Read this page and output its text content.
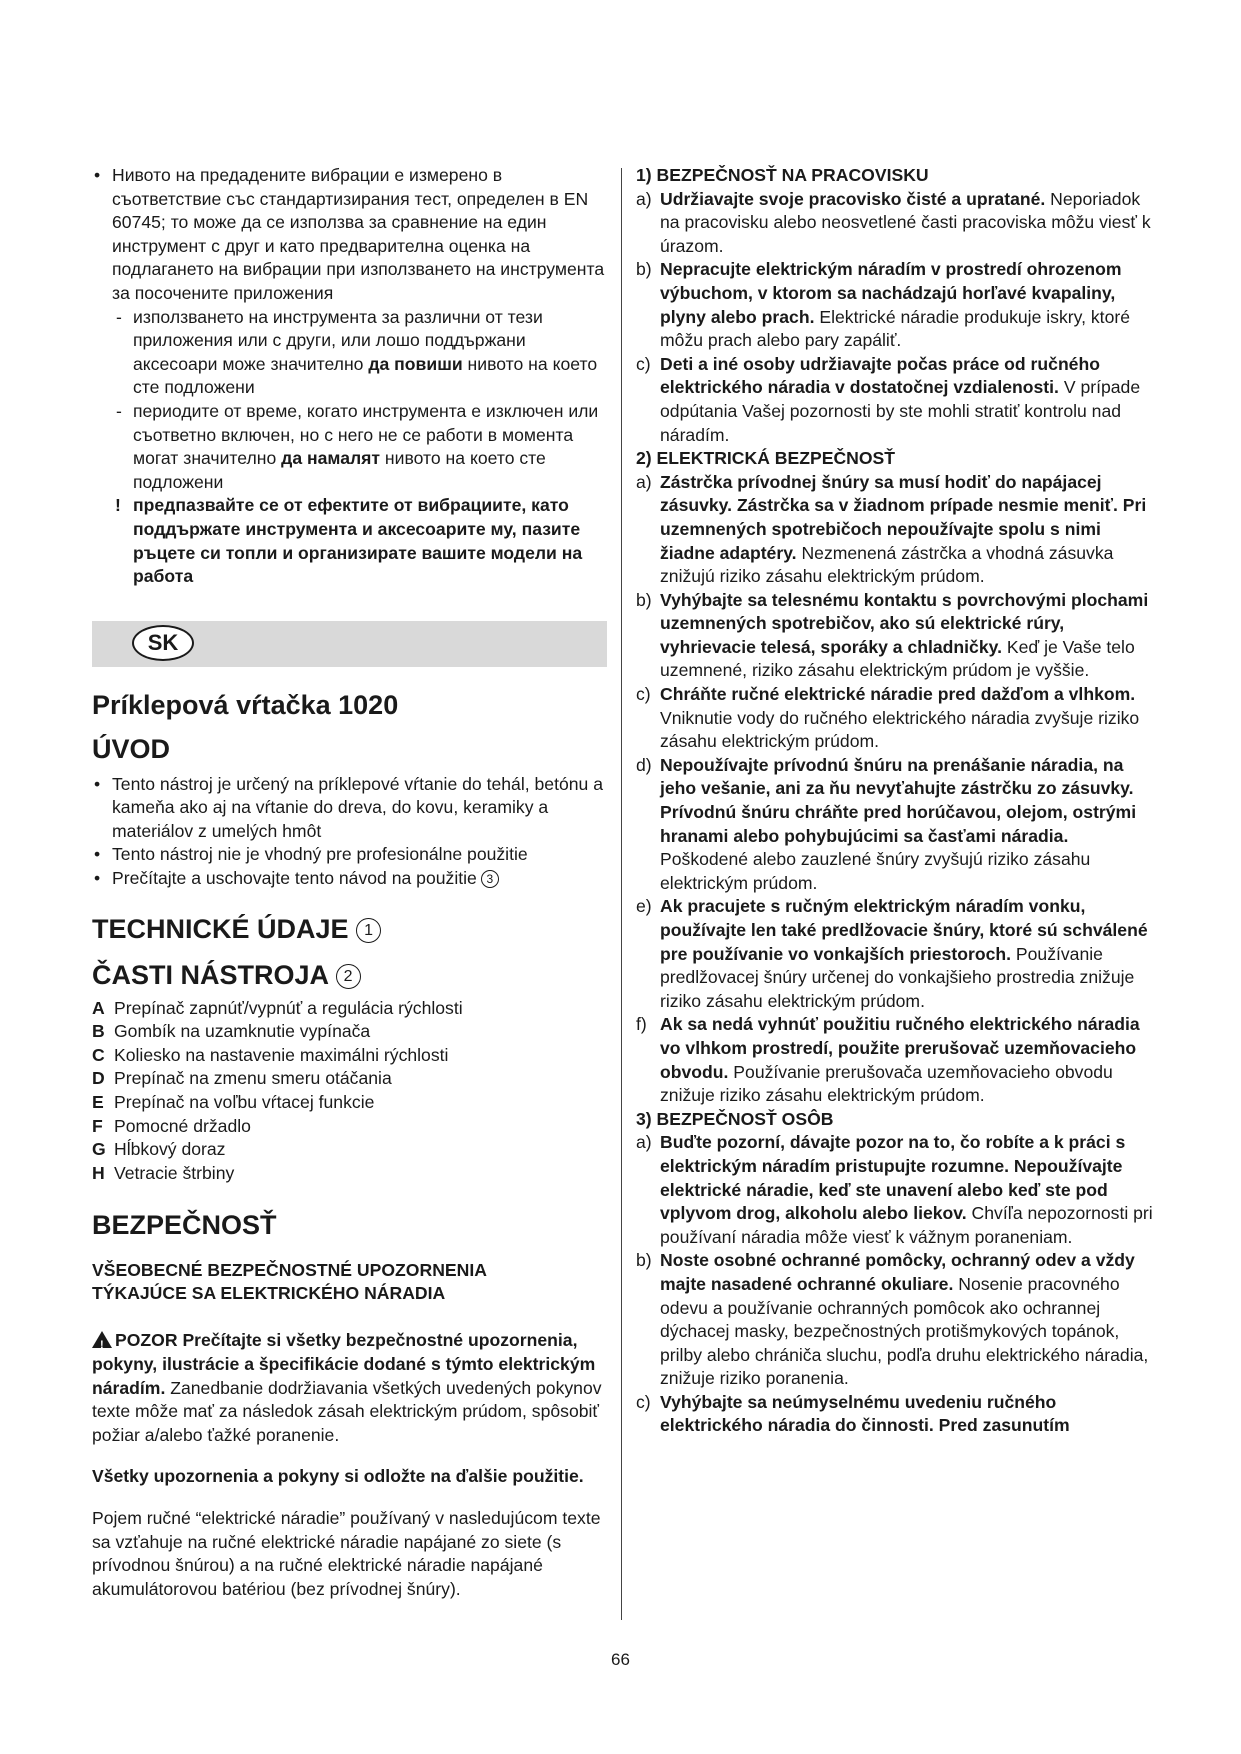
• Нивото на предадените вибрации е измерено в съответствие със стандартизирания тест, определен в EN 60745; то може да се използва за сравнение на един инструмент с друг и като предварителна оценка на подлагането на вибрации при използването на инструмента за посочените приложения

- използването на инструмента за различни от тези приложения или с други, или лошо поддържани аксесоари може значително да повиши нивото на което сте подложени

- периодите от време, когато инструмента е изключен или съответно включен, но с него не се работи в момента могат значително да намалят нивото на което сте подложени

! предпазвайте се от ефектите от вибрациите, като поддържате инструмента и аксесоарите му, пазите ръцете си топли и организирате вашите модели на работа

SK
Príklepová vŕtačka 1020
ÚVOD

• Tento nástroj je určený na príklepové vŕtanie do tehál, betónu a kameňa ako aj na vŕtanie do dreva, do kovu, keramiky a materiálov z umelých hmôt

• Tento nástroj nie je vhodný pre profesionálne použitie

• Prečítajte a uschovajte tento návod na použitie 3

TECHNICKÉ ÚDAJE 1
ČASTI NÁSTROJA 2
A Prepínač zapnúť/vypnúť a regulácia rýchlosti
B Gombík na uzamknutie vypínača
C Koliesko na nastavenie maximálni rýchlosti
D Prepínač na zmenu smeru otáčania
E Prepínač na voľbu vŕtacej funkcie
F Pomocné držadlo
G Hĺbkový doraz
H Vetracie štrbiny
BEZPEČNOSŤ
VŠEOBECNÉ BEZPEČNOSTNÉ UPOZORNENIA
TÝKAJÚCE SA ELEKTRICKÉHO NÁRADIA

! POZOR Prečítajte si všetky bezpečnostné upozornenia, pokyny, ilustrácie a špecifikácie dodané s týmto elektrickým náradím. Zanedbanie dodržiavania všetkých uvedených pokynov texte môže mať za následok zásah elektrickým prúdom, spôsobiť požiar a/alebo ťažké poranenie.

Všetky upozornenia a pokyny si odložte na ďalšie použitie.

Pojem ručné “elektrické náradie” používaný v nasledujúcom texte sa vzťahuje na ručné elektrické náradie napájané zo siete (s prívodnou šnúrou) a na ručné elektrické náradie napájané akumulátorovou batériou (bez prívodnej šnúry).

1) BEZPEČNOSŤ NA PRACOVISKU

a) Udržiavajte svoje pracovisko čisté a upratané. Neporiadok na pracovisku alebo neosvetlené časti pracoviska môžu viesť k úrazom.

b) Nepracujte elektrickým náradím v prostredí ohrozenom výbuchom, v ktorom sa nachádzajú horľavé kvapaliny, plyny alebo prach. Elektrické náradie produkuje iskry, ktoré môžu prach alebo pary zapáliť.

c) Deti a iné osoby udržiavajte počas práce od ručného elektrického náradia v dostatočnej vzdialenosti. V prípade odpútania Vašej pozornosti by ste mohli stratiť kontrolu nad náradím.

2) ELEKTRICKÁ BEZPEČNOSŤ

a) Zástrčka prívodnej šnúry sa musí hodiť do napájacej zásuvky. Zástrčka sa v žiadnom prípade nesmie meniť. Pri uzemnených spotrebičoch nepoužívajte spolu s nimi žiadne adaptéry. Nezmenená zástrčka a vhodná zásuvka znižujú riziko zásahu elektrickým prúdom.

b) Vyhýbajte sa telesnému kontaktu s povrchovými plochami uzemnených spotrebičov, ako sú elektrické rúry, vyhrievacie telesá, sporáky a chladničky. Keď je Vaše telo uzemnené, riziko zásahu elektrickým prúdom je vyššie.

c) Chráňte ručné elektrické náradie pred dažďom a vlhkom. Vniknutie vody do ručného elektrického náradia zvyšuje riziko zásahu elektrickým prúdom.

d) Nepoužívajte prívodnú šnúru na prenášanie náradia, na jeho vešanie, ani za ňu nevyťahujte zástrčku zo zásuvky. Prívodnú šnúru chráňte pred horúčavou, olejom, ostrými hranami alebo pohybujúcimi sa časťami náradia. Poškodené alebo zauzlené šnúry zvyšujú riziko zásahu elektrickým prúdom.

e) Ak pracujete s ručným elektrickým náradím vonku, používajte len také predlžovacie šnúry, ktoré sú schválené pre používanie vo vonkajších priestoroch. Používanie predlžovacej šnúry určenej do vonkajšieho prostredia znižuje riziko zásahu elektrickým prúdom.

f) Ak sa nedá vyhnúť použitiu ručného elektrického náradia vo vlhkom prostredí, použite prerušovač uzemňovacieho obvodu. Používanie prerušovača uzemňovacieho obvodu znižuje riziko zásahu elektrickým prúdom.

3) BEZPEČNOSŤ OSÔB

a) Buďte pozorní, dávajte pozor na to, čo robíte a k práci s elektrickým náradím pristupujte rozumne. Nepoužívajte elektrické náradie, keď ste unavení alebo keď ste pod vplyvom drog, alkoholu alebo liekov. Chvíľa nepozornosti pri používaní náradia môže viesť k vážnym poraneniam.

b) Noste osobné ochranné pomôcky, ochranný odev a vždy majte nasadené ochranné okuliare. Nosenie pracovného odevu a používanie ochranných pomôcok ako ochrannej dýchacej masky, bezpečnostných protišmykových topánok, prilby alebo chrániča sluchu, podľa druhu elektrického náradia, znižuje riziko poranenia.

c) Vyhýbajte sa neúmyselnému uvedeniu ručného elektrického náradia do činnosti. Pred zasunutím

66
